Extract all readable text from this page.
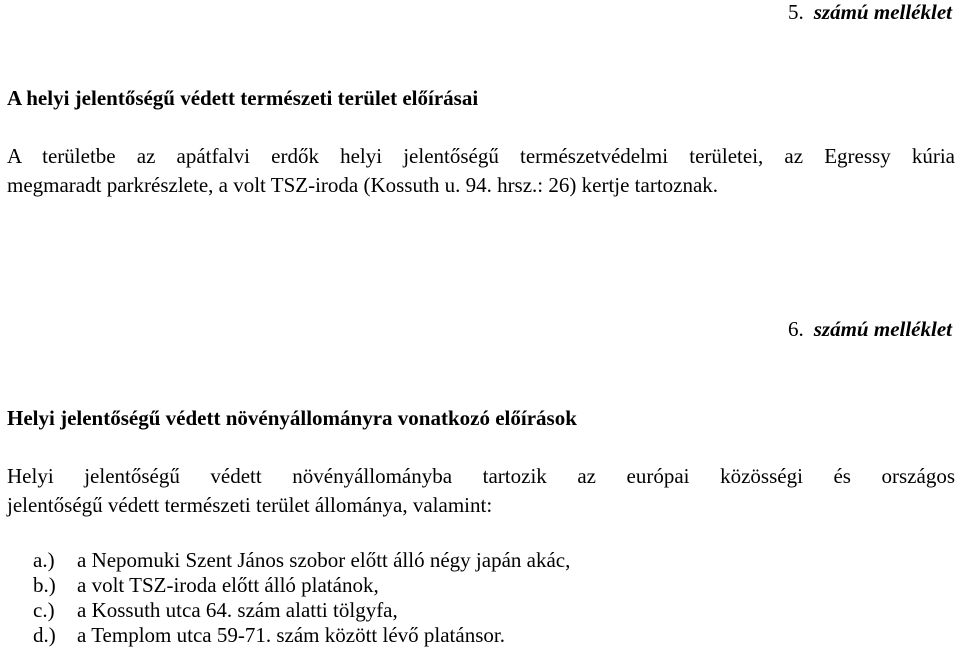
5. számú melléklet
A helyi jelentőségű védett természeti terület előírásai
A területbe az apátfalvi erdők helyi jelentőségű természetvédelmi területei, az Egressy kúria
megmaradt parkrészlete, a volt TSZ-iroda (Kossuth u. 94. hrsz.: 26) kertje tartoznak.
6. számú melléklet
Helyi jelentőségű védett növényállományra vonatkozó előírások
Helyi jelentőségű védett növényállományba tartozik az európai közösségi és országos
jelentőségű védett természeti terület állománya, valamint:
a.) a Nepomuki Szent János szobor előtt álló négy japán akác,
b.) a volt TSZ-iroda előtt álló platánok,
c.) a Kossuth utca 64. szám alatti tölgyfa,
d.) a Templom utca 59-71. szám között lévő platánsor.
